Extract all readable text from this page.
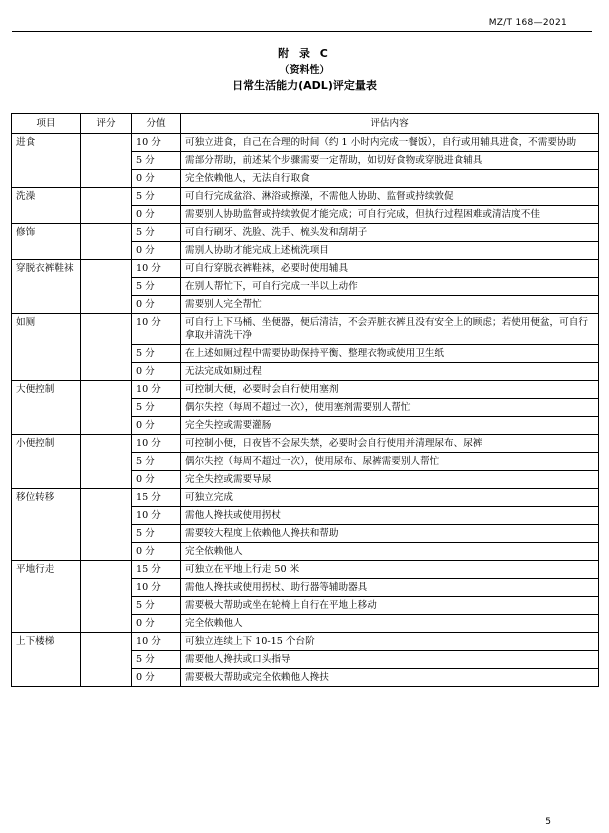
MZ/T 168—2021
附 录 C
（资料性）
日常生活能力(ADL)评定量表
项目	评分	分值	评估内容
进食		10 分	可独立进食，自己在合理的时间（约 1 小时内完成一餐饭），自行或用辅具进食，不需要协助
		5 分	需部分帮助，前述某个步骤需要一定帮助，如切好食物或穿脱进食辅具
		0 分	完全依赖他人，无法自行取食
洗澡		5 分	可自行完成盆浴、淋浴或擦澡，不需他人协助、监督或持续敦促
		0 分	需要别人协助监督或持续敦促才能完成；可自行完成，但执行过程困难或清洁度不佳
修饰		5 分	可自行刷牙、洗脸、洗手、梳头发和刮胡子
		0 分	需别人协助才能完成上述梳洗项目
穿脱衣裤鞋袜		10 分	可自行穿脱衣裤鞋袜，必要时使用辅具
		5 分	在别人帮忙下，可自行完成一半以上动作
		0 分	需要别人完全帮忙
如厕		10 分	可自行上下马桶、坐便器，便后清洁，不会弄脏衣裤且没有安全上的顾虑；若使用便盆，可自行拿取并清洗干净
		5 分	在上述如厕过程中需要协助保持平衡、整理衣物或使用卫生纸
		0 分	无法完成如厕过程
大便控制		10 分	可控制大便，必要时会自行使用塞剂
		5 分	偶尔失控（每周不超过一次），使用塞剂需要别人帮忙
		0 分	完全失控或需要灌肠
小便控制		10 分	可控制小便，日夜皆不会尿失禁，必要时会自行使用并清理尿布、尿裤
		5 分	偶尔失控（每周不超过一次），使用尿布、尿裤需要别人帮忙
		0 分	完全失控或需要导尿
移位转移		15 分	可独立完成
		10 分	需他人搀扶或使用拐杖
		5 分	需要较大程度上依赖他人搀扶和帮助
		0 分	完全依赖他人
平地行走		15 分	可独立在平地上行走 50 米
		10 分	需他人搀扶或使用拐杖、助行器等辅助器具
		5 分	需要极大帮助或坐在轮椅上自行在平地上移动
		0 分	完全依赖他人
上下楼梯		10 分	可独立连续上下 10-15 个台阶
		5 分	需要他人搀扶或口头指导
		0 分	需要极大帮助或完全依赖他人搀扶
5
